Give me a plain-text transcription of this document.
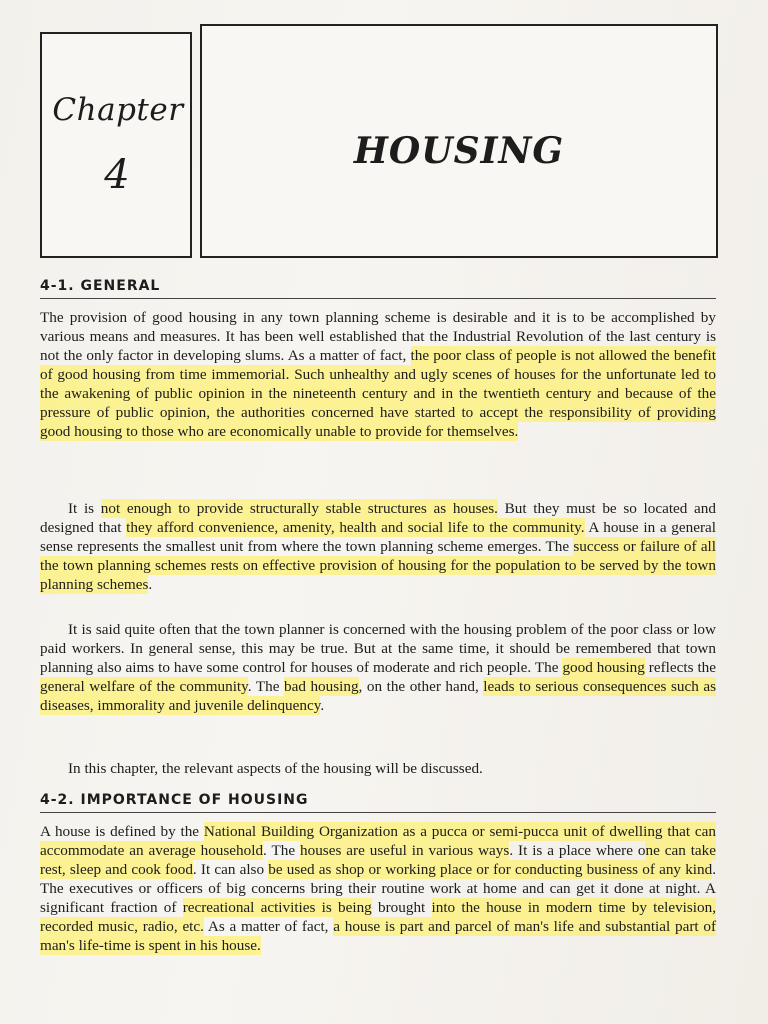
Chapter
4
HOUSING
4-1. GENERAL

The provision of good housing in any town planning scheme is desirable and it is to be accomplished by various means and measures. It has been well established that the Industrial Revolution of the last century is not the only factor in developing slums. As a matter of fact, the poor class of people is not allowed the benefit of good housing from time immemorial. Such unhealthy and ugly scenes of houses for the unfortunate led to the awakening of public opinion in the nineteenth century and in the twentieth century and because of the pressure of public opinion, the authorities concerned have started to accept the responsibility of providing good housing to those who are economically unable to provide for themselves.

It is not enough to provide structurally stable structures as houses. But they must be so located and designed that they afford convenience, amenity, health and social life to the community. A house in a general sense represents the smallest unit from where the town planning scheme emerges. The success or failure of all the town planning schemes rests on effective provision of housing for the population to be served by the town planning schemes.

It is said quite often that the town planner is concerned with the housing problem of the poor class or low paid workers. In general sense, this may be true. But at the same time, it should be remembered that town planning also aims to have some control for houses of moderate and rich people. The good housing reflects the general welfare of the community. The bad housing, on the other hand, leads to serious consequences such as diseases, immorality and juvenile delinquency.

In this chapter, the relevant aspects of the housing will be discussed.

4-2. IMPORTANCE OF HOUSING

A house is defined by the National Building Organization as a pucca or semi-pucca unit of dwelling that can accommodate an average household. The houses are useful in various ways. It is a place where one can take rest, sleep and cook food. It can also be used as shop or working place or for conducting business of any kind. The executives or officers of big concerns bring their routine work at home and can get it done at night. A significant fraction of recreational activities is being brought into the house in modern time by television, recorded music, radio, etc. As a matter of fact, a house is part and parcel of man's life and substantial part of man's life-time is spent in his house.
